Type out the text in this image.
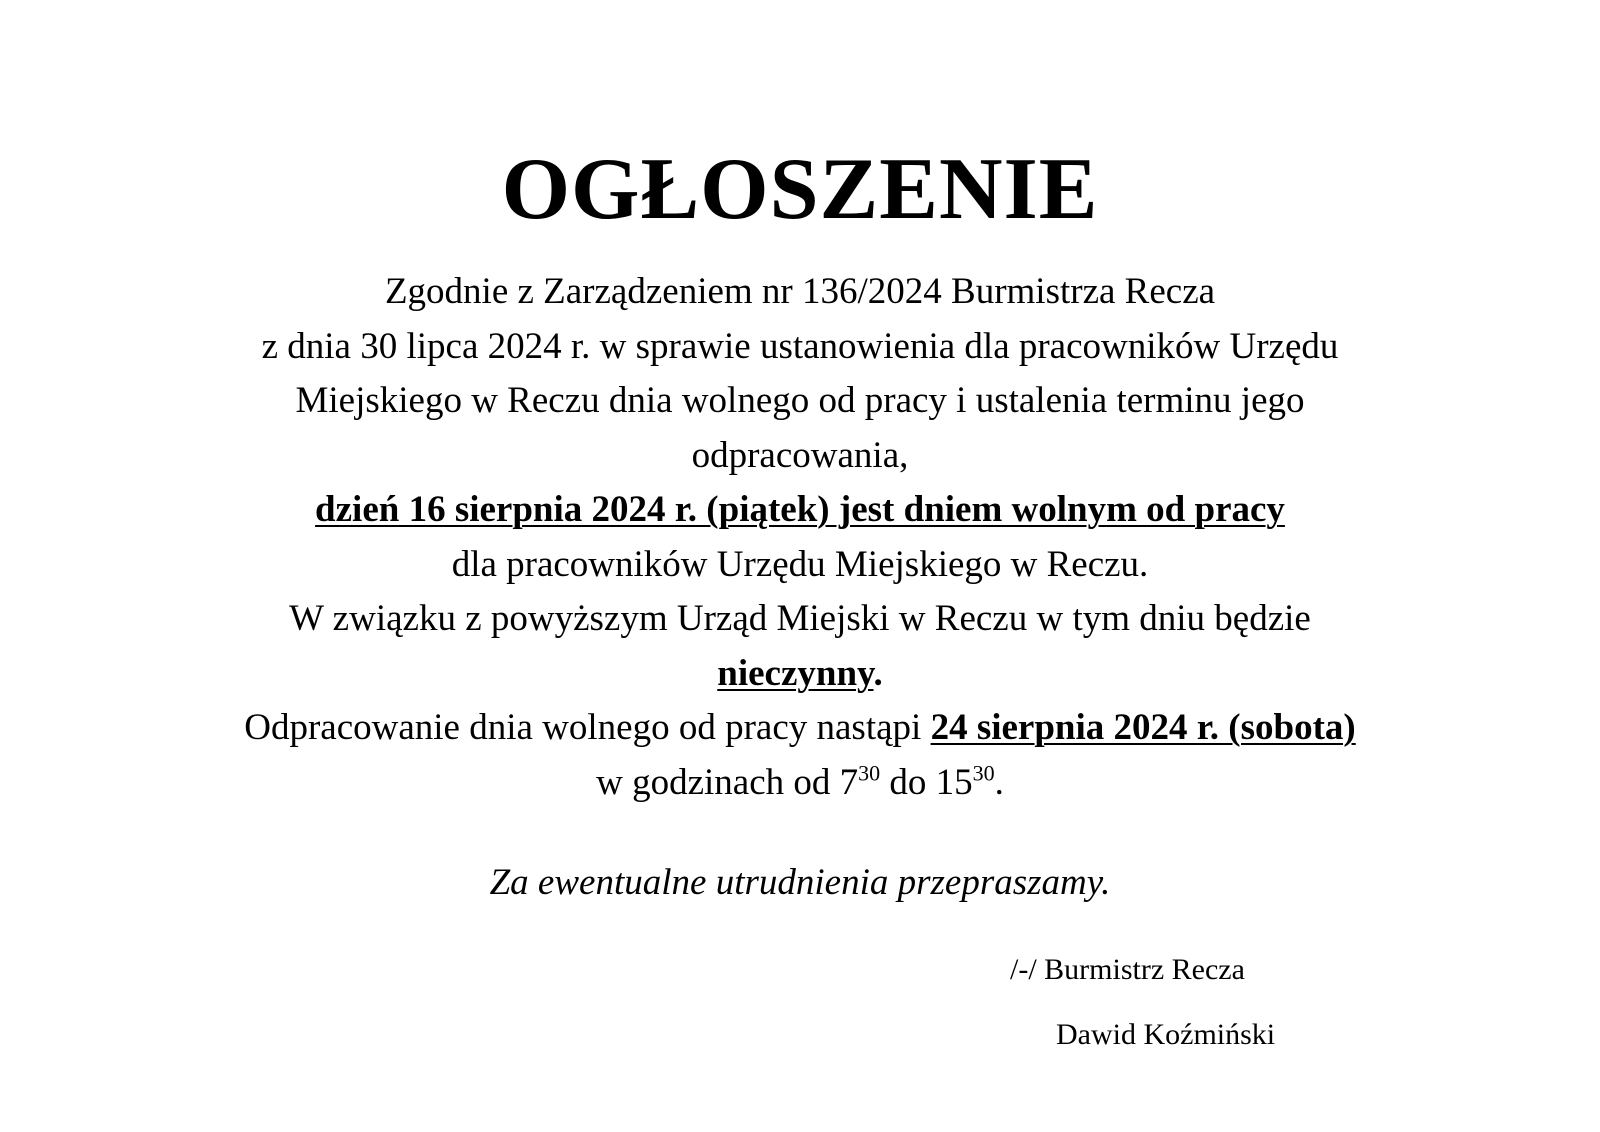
OGŁOSZENIE
Zgodnie z Zarządzeniem nr 136/2024 Burmistrza Recza
z dnia 30 lipca 2024 r. w sprawie ustanowienia dla pracowników Urzędu
Miejskiego w Reczu dnia wolnego od pracy i ustalenia terminu jego
odpracowania,
dzień 16 sierpnia 2024 r. (piątek) jest dniem wolnym od pracy
dla pracowników Urzędu Miejskiego w Reczu.
W związku z powyższym Urząd Miejski w Reczu w tym dniu będzie
nieczynny.
Odpracowanie dnia wolnego od pracy nastąpi 24 sierpnia 2024 r. (sobota)
w godzinach od $7^{30}$ do $15^{30}$.
Za ewentualne utrudnienia przepraszamy.
/-/ Burmistrz Recza
Dawid Koźmiński
